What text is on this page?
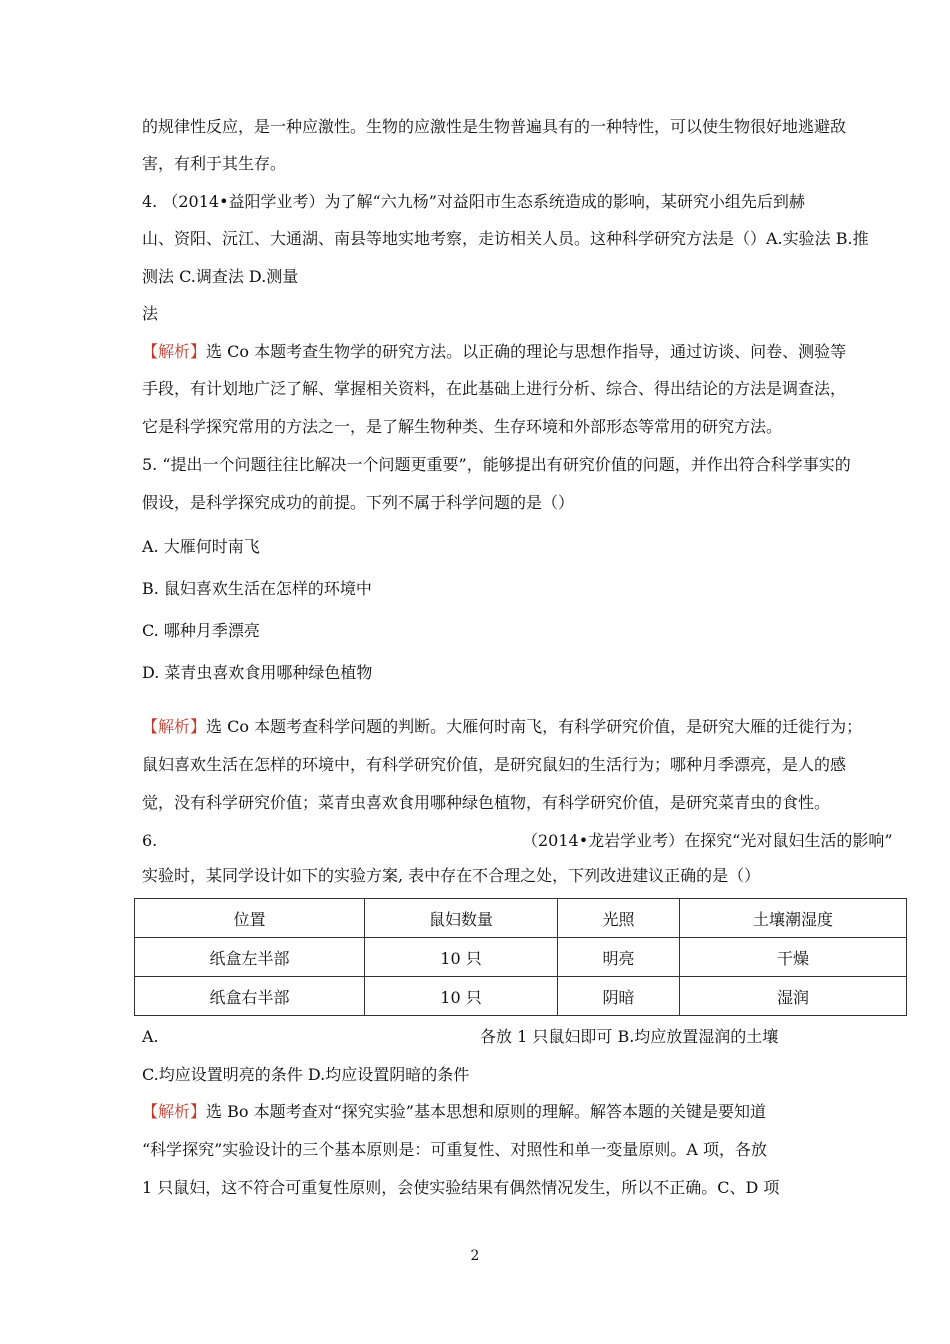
的规律性反应，是一种应激性。生物的应激性是生物普遍具有的一种特性，可以使生物很好地逃避敌
害，有利于其生存。
4. （2014•益阳学业考）为了解“六九杨”对益阳市生态系统造成的影响，某研究小组先后到赫
山、资阳、沅江、大通湖、南县等地实地考察，走访相关人员。这种科学研究方法是（）A.实验法 B.推
测法 C.调查法 D.测量
法
【解析】选 Co 本题考查生物学的研究方法。以正确的理论与思想作指导，通过访谈、问卷、测验等
手段，有计划地广泛了解、掌握相关资料，在此基础上进行分析、综合、得出结论的方法是调查法，
它是科学探究常用的方法之一，是了解生物种类、生存环境和外部形态等常用的研究方法。
5. “提出一个问题往往比解决一个问题更重要”，能够提出有研究价值的问题，并作出符合科学事实的
假设，是科学探究成功的前提。下列不属于科学问题的是（）
A. 大雁何时南飞
B. 鼠妇喜欢生活在怎样的环境中
C. 哪种月季漂亮
D. 菜青虫喜欢食用哪种绿色植物
【解析】选 Co 本题考查科学问题的判断。大雁何时南飞，有科学研究价值，是研究大雁的迁徙行为；
鼠妇喜欢生活在怎样的环境中，有科学研究价值，是研究鼠妇的生活行为；哪种月季漂亮，是人的感
觉，没有科学研究价值；菜青虫喜欢食用哪种绿色植物，有科学研究价值，是研究菜青虫的食性。
6.	（2014•龙岩学业考）在探究“光对鼠妇生活的影响”
实验时，某同学设计如下的实验方案, 表中存在不合理之处，下列改进建议正确的是（）
位置	鼠妇数量	光照	土壤潮湿度
纸盒左半部	10 只	明亮	干燥
纸盒右半部	10 只	阴暗	湿润
A.	各放 1 只鼠妇即可 B.均应放置湿润的土壤
C.均应设置明亮的条件 D.均应设置阴暗的条件
【解析】选 Bo 本题考查对“探究实验”基本思想和原则的理解。解答本题的关键是要知道
“科学探究”实验设计的三个基本原则是：可重复性、对照性和单一变量原则。A 项，各放
1 只鼠妇，这不符合可重复性原则，会使实验结果有偶然情况发生，所以不正确。C、D 项
2
